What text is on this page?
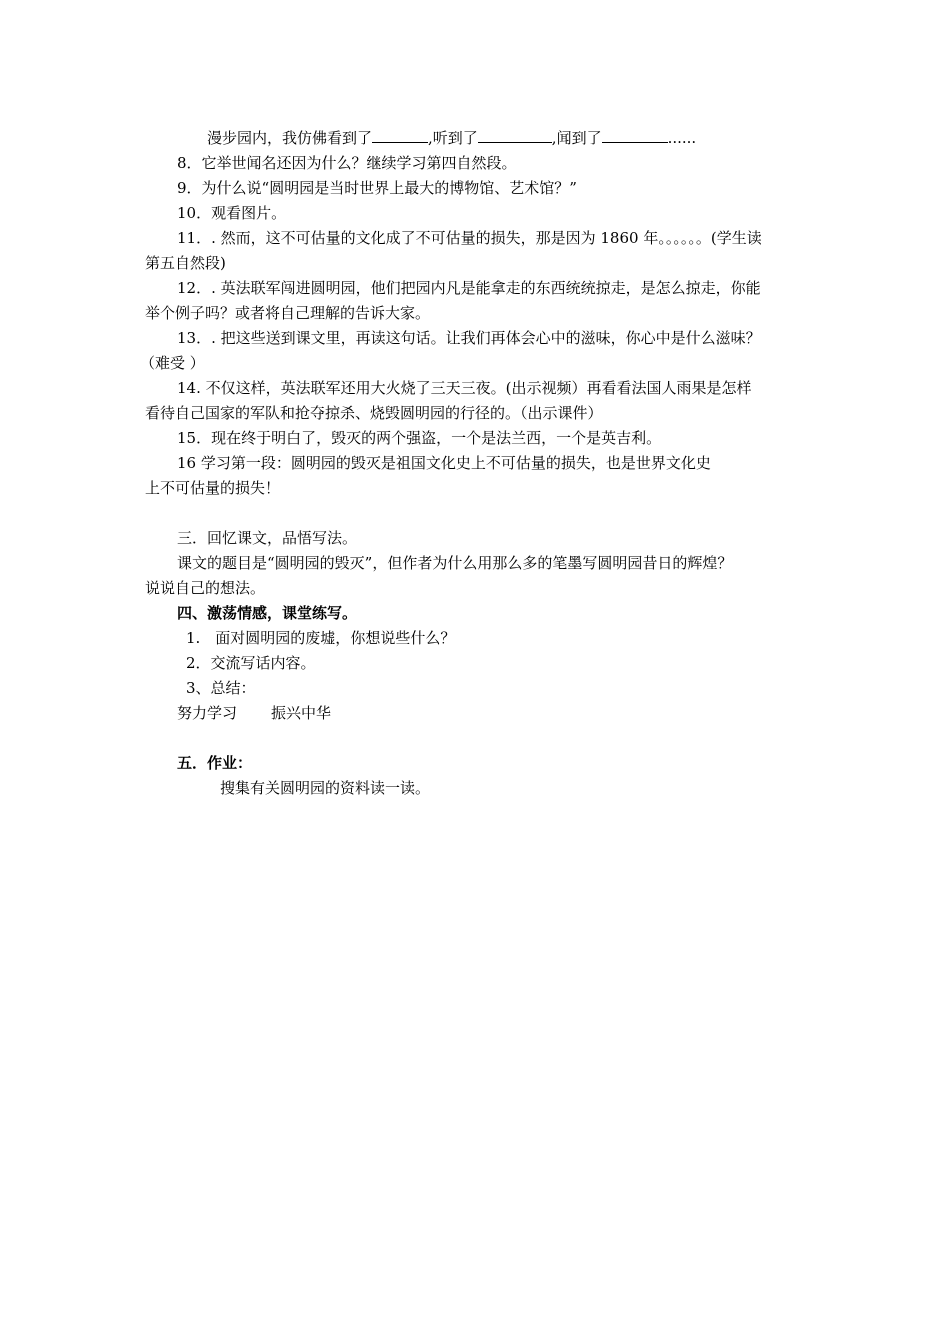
漫步园内，我仿佛看到了	,听到了	,闻到了	......
8．它举世闻名还因为什么？继续学习第四自然段。
9．为什么说“圆明园是当时世界上最大的博物馆、艺术馆？”
10．观看图片。
11．. 然而，这不可估量的文化成了不可估量的损失，那是因为 1860 年。。。。。。(学生读
第五自然段)
12．. 英法联军闯进圆明园，他们把园内凡是能拿走的东西统统掠走，是怎么掠走，你能
举个例子吗？或者将自己理解的告诉大家。
13．. 把这些送到课文里，再读这句话。让我们再体会心中的滋味，你心中是什么滋味？
（难受 ）
14. 不仅这样，英法联军还用大火烧了三天三夜。(出示视频）再看看法国人雨果是怎样
看待自己国家的军队和抢夺掠杀、烧毁圆明园的行径的。（出示课件）
15．现在终于明白了，毁灭的两个强盗，一个是法兰西，一个是英吉利。
16 学习第一段：圆明园的毁灭是祖国文化史上不可估量的损失，也是世界文化史
上不可估量的损失！
三．回忆课文，品悟写法。
课文的题目是“圆明园的毁灭”，但作者为什么用那么多的笔墨写圆明园昔日的辉煌？
说说自己的想法。
四、激荡情感，课堂练写。
1.　面对圆明园的废墟，你想说些什么？
2．交流写话内容。
3、总结：
努力学习 振兴中华
五．作业：
搜集有关圆明园的资料读一读。
